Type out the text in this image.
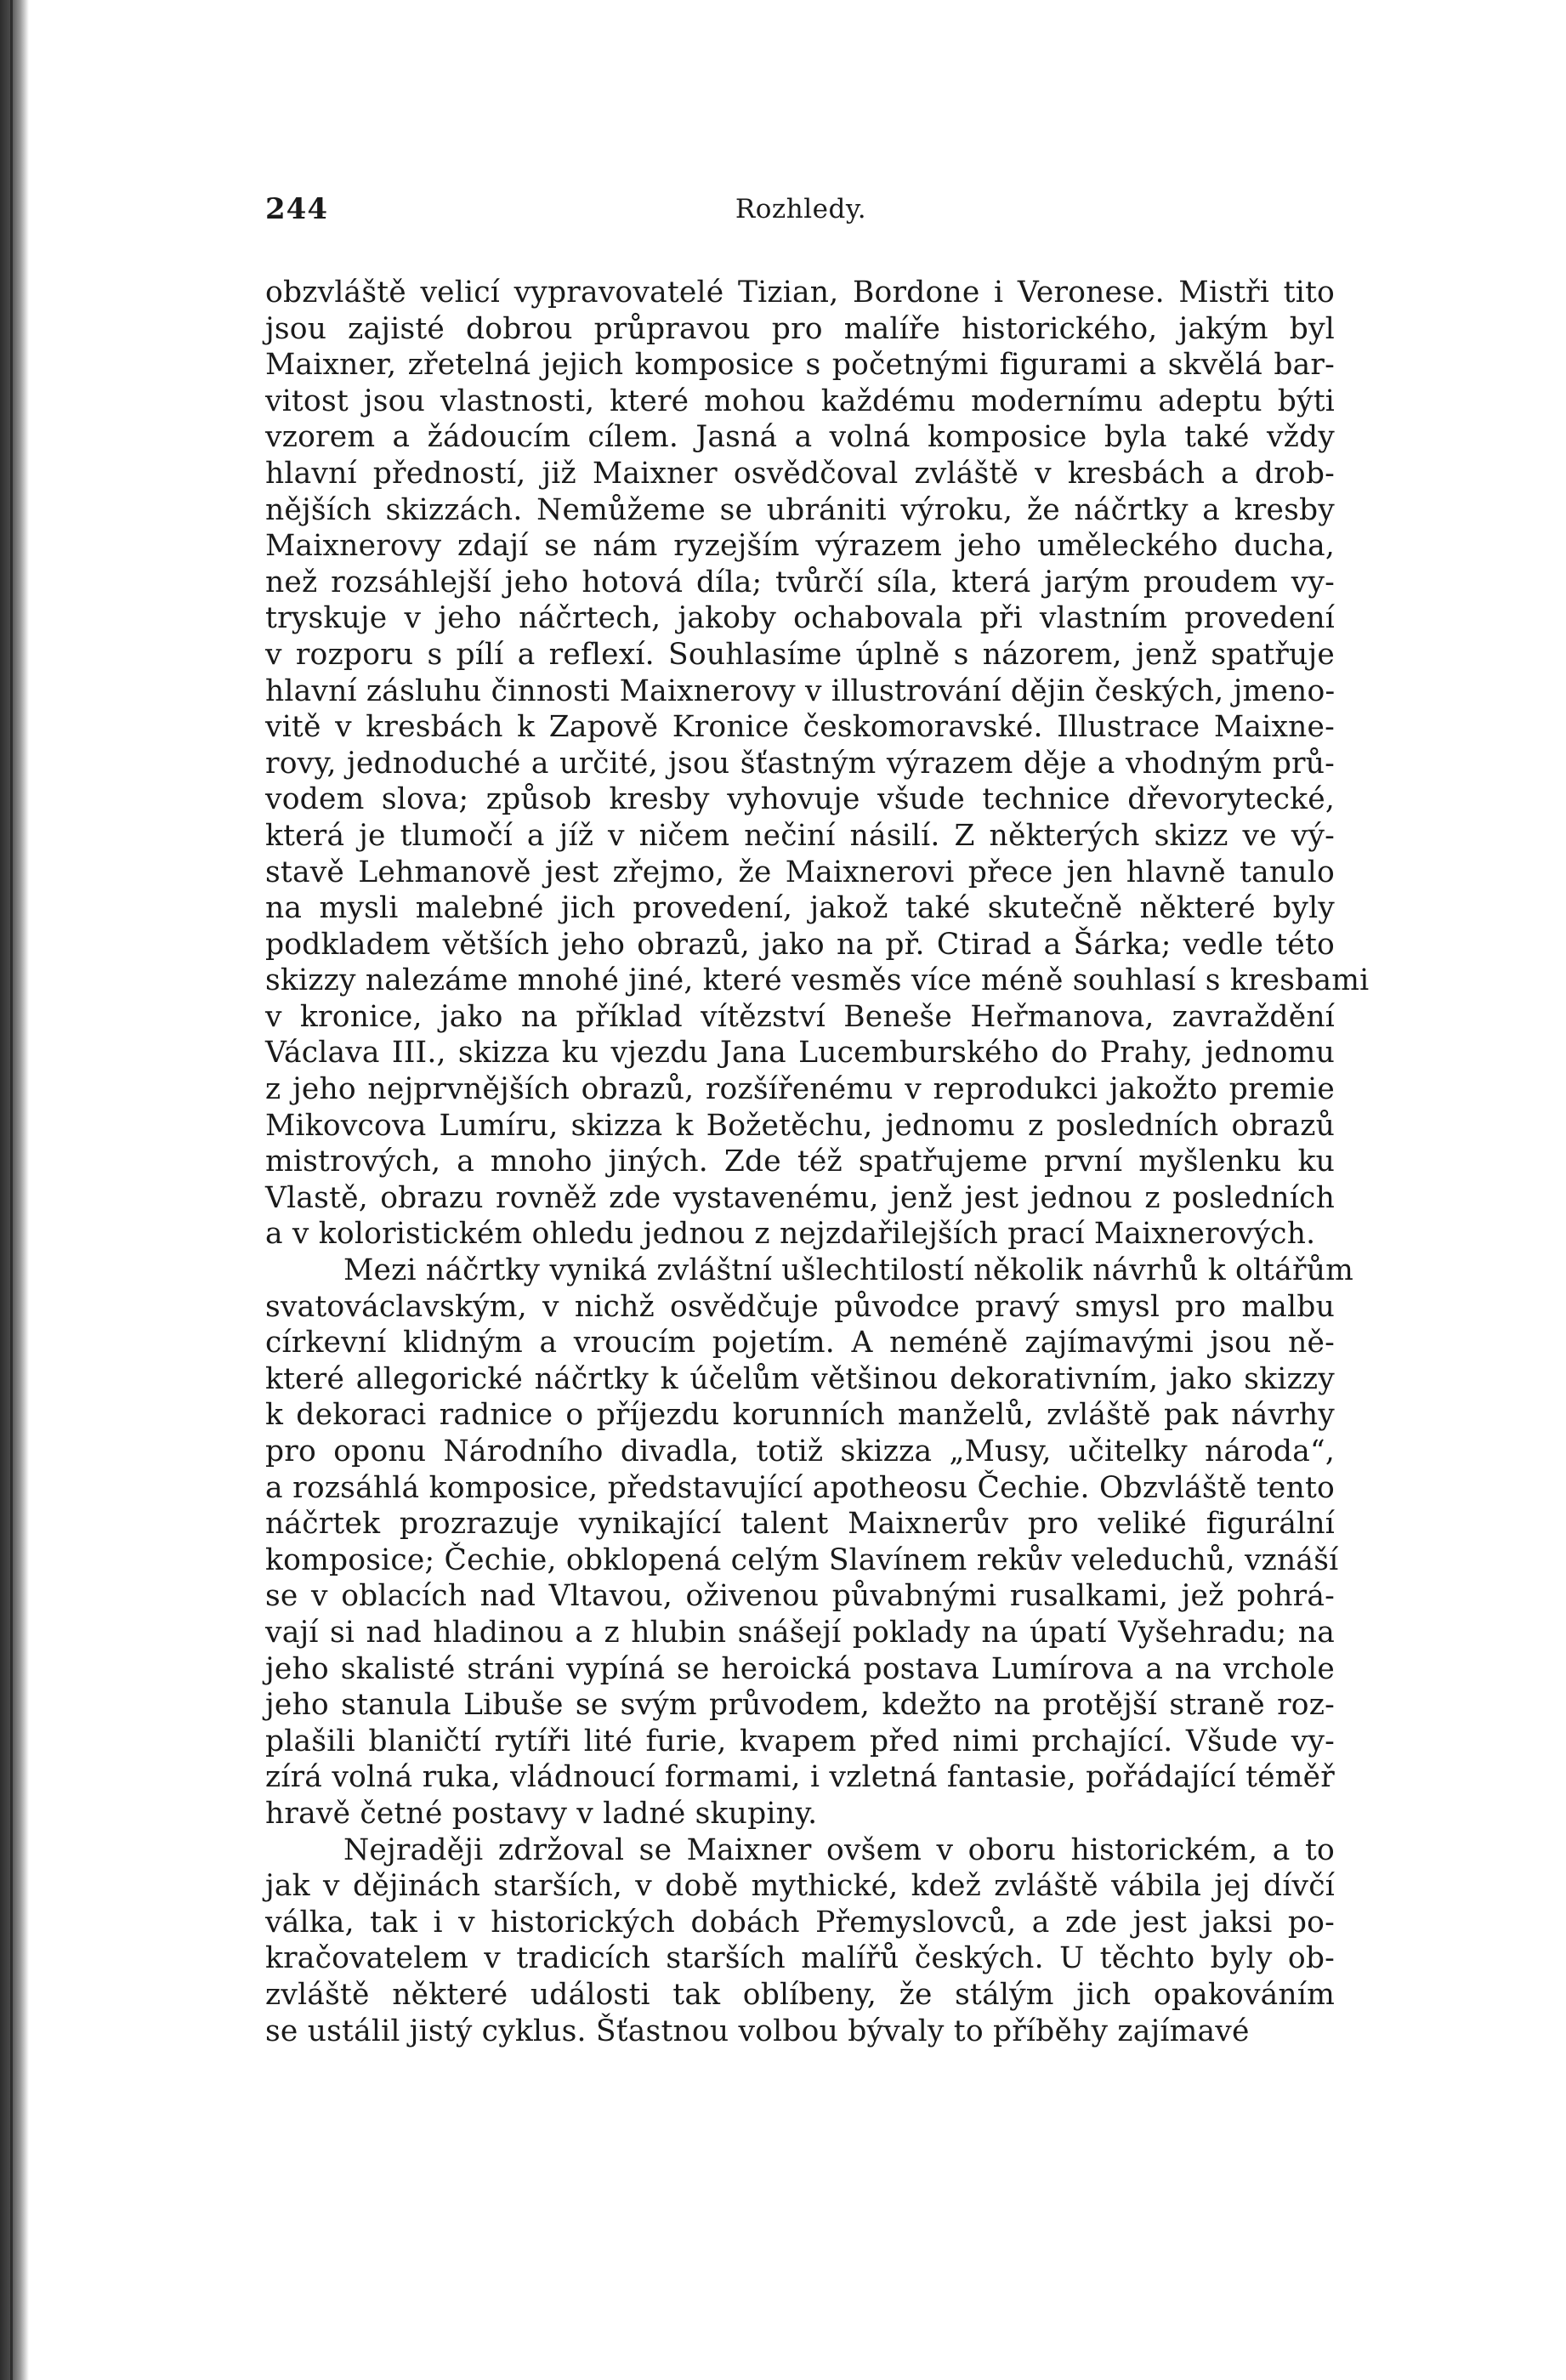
244	Rozhledy.
obzvláště velicí vypravovatelé Tizian, Bordone i Veronese. Mistři tito
jsou zajisté dobrou průpravou pro malíře historického, jakým byl
Maixner, zřetelná jejich komposice s početnými figurami a skvělá bar-
vitost jsou vlastnosti, které mohou každému modernímu adeptu býti
vzorem a žádoucím cílem. Jasná a volná komposice byla také vždy
hlavní předností, již Maixner osvědčoval zvláště v kresbách a drob-
nějších skizzách. Nemůžeme se ubrániti výroku, že náčrtky a kresby
Maixnerovy zdají se nám ryzejším výrazem jeho uměleckého ducha,
než rozsáhlejší jeho hotová díla; tvůrčí síla, která jarým proudem vy-
tryskuje v jeho náčrtech, jakoby ochabovala při vlastním provedení
v rozporu s pílí a reflexí. Souhlasíme úplně s názorem, jenž spatřuje
hlavní zásluhu činnosti Maixnerovy v illustrování dějin českých, jmeno-
vitě v kresbách k Zapově Kronice českomoravské. Illustrace Maixne-
rovy, jednoduché a určité, jsou šťastným výrazem děje a vhodným prů-
vodem slova; způsob kresby vyhovuje všude technice dřevorytecké,
která je tlumočí a jíž v ničem nečiní násilí. Z některých skizz ve vý-
stavě Lehmanově jest zřejmo, že Maixnerovi přece jen hlavně tanulo
na mysli malebné jich provedení, jakož také skutečně některé byly
podkladem větších jeho obrazů, jako na př. Ctirad a Šárka; vedle této
skizzy nalezáme mnohé jiné, které vesměs více méně souhlasí s kresbami
v kronice, jako na příklad vítězství Beneše Heřmanova, zavraždění
Václava III., skizza ku vjezdu Jana Lucemburského do Prahy, jednomu
z jeho nejprvnějších obrazů, rozšířenému v reprodukci jakožto premie
Mikovcova Lumíru, skizza k Božetěchu, jednomu z posledních obrazů
mistrových, a mnoho jiných. Zde též spatřujeme první myšlenku ku
Vlastě, obrazu rovněž zde vystavenému, jenž jest jednou z posledních
a v koloristickém ohledu jednou z nejzdařilejších prací Maixnerových.
Mezi náčrtky vyniká zvláštní ušlechtilostí několik návrhů k oltářům
svatováclavským, v nichž osvědčuje původce pravý smysl pro malbu
církevní klidným a vroucím pojetím. A neméně zajímavými jsou ně-
které allegorické náčrtky k účelům většinou dekorativním, jako skizzy
k dekoraci radnice o příjezdu korunních manželů, zvláště pak návrhy
pro oponu Národního divadla, totiž skizza „Musy, učitelky národa“,
a rozsáhlá komposice, představující apotheosu Čechie. Obzvláště tento
náčrtek prozrazuje vynikající talent Maixnerův pro veliké figurální
komposice; Čechie, obklopená celým Slavínem rekův veleduchů, vznáší
se v oblacích nad Vltavou, oživenou půvabnými rusalkami, jež pohrá-
vají si nad hladinou a z hlubin snášejí poklady na úpatí Vyšehradu; na
jeho skalisté stráni vypíná se heroická postava Lumírova a na vrchole
jeho stanula Libuše se svým průvodem, kdežto na protější straně roz-
plašili blaničtí rytíři lité furie, kvapem před nimi prchající. Všude vy-
zírá volná ruka, vládnoucí formami, i vzletná fantasie, pořádající téměř
hravě četné postavy v ladné skupiny.
Nejraději zdržoval se Maixner ovšem v oboru historickém, a to
jak v dějinách starších, v době mythické, kdež zvláště vábila jej dívčí
válka, tak i v historických dobách Přemyslovců, a zde jest jaksi po-
kračovatelem v tradicích starších malířů českých. U těchto byly ob-
zvláště některé události tak oblíbeny, že stálým jich opakováním
se ustálil jistý cyklus. Šťastnou volbou bývaly to příběhy zajímavé
